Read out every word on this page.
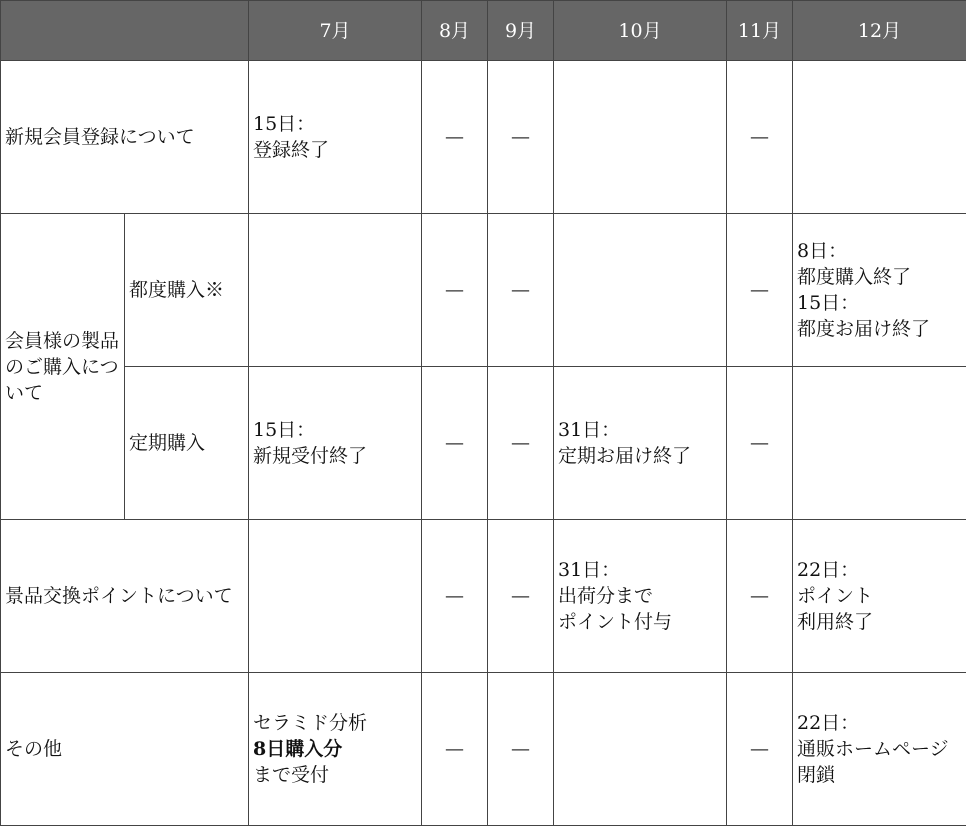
		7月	8月	9月	10月	11月	12月
新規会員登録について		15日：
登録終了	—	—		—	

会員様の製品のご購入について	都度購入※		—	—		—	8日：
都度購入終了
15日：
都度お届け終了

	定期購入	15日：
新規受付終了	—	—	31日：
定期お届け終了	—	
景品交換ポイントについて			—	—	31日：
出荷分まで
ポイント付与	—	22日：
ポイント
利用終了

その他		セラミド分析
8日購入分
まで受付	—	—		—	22日：
通販ホームページ閉鎖
